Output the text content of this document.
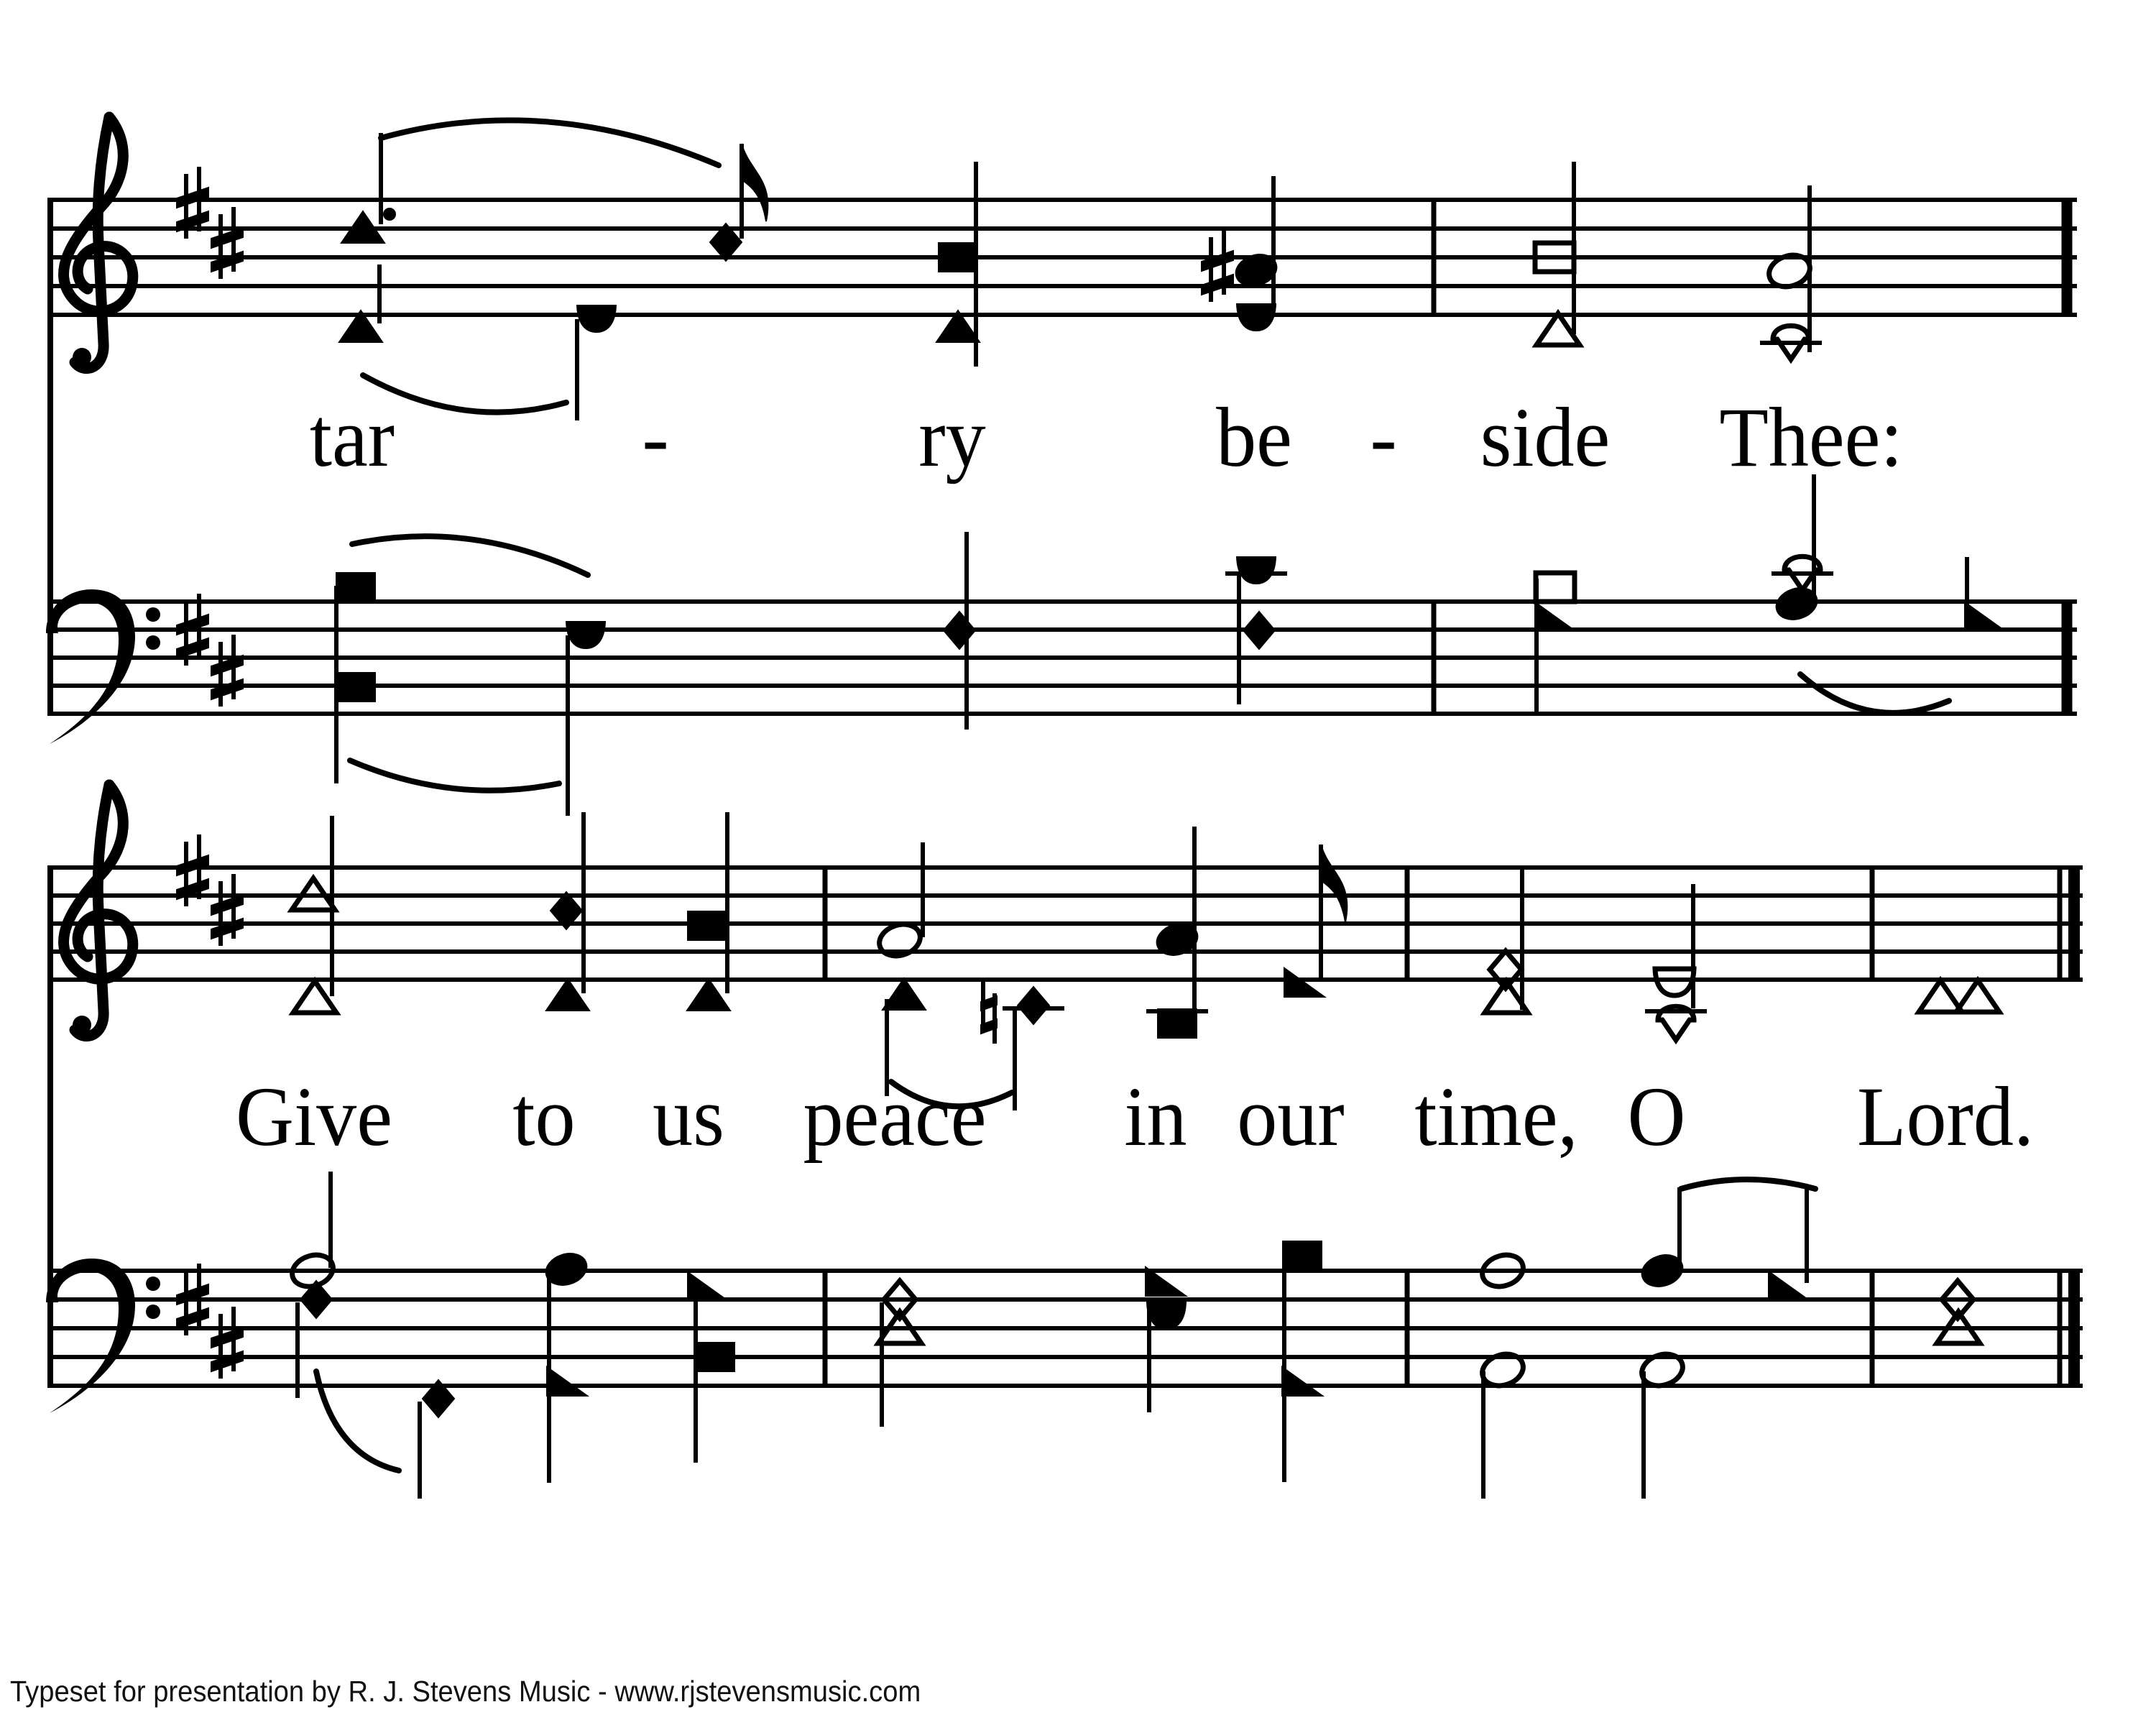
tar	-	ry	be - side Thee:
Give to us peace in our time, O Lord.
Typeset for presentation by R. J. Stevens Music - www.rjstevensmusic.com
